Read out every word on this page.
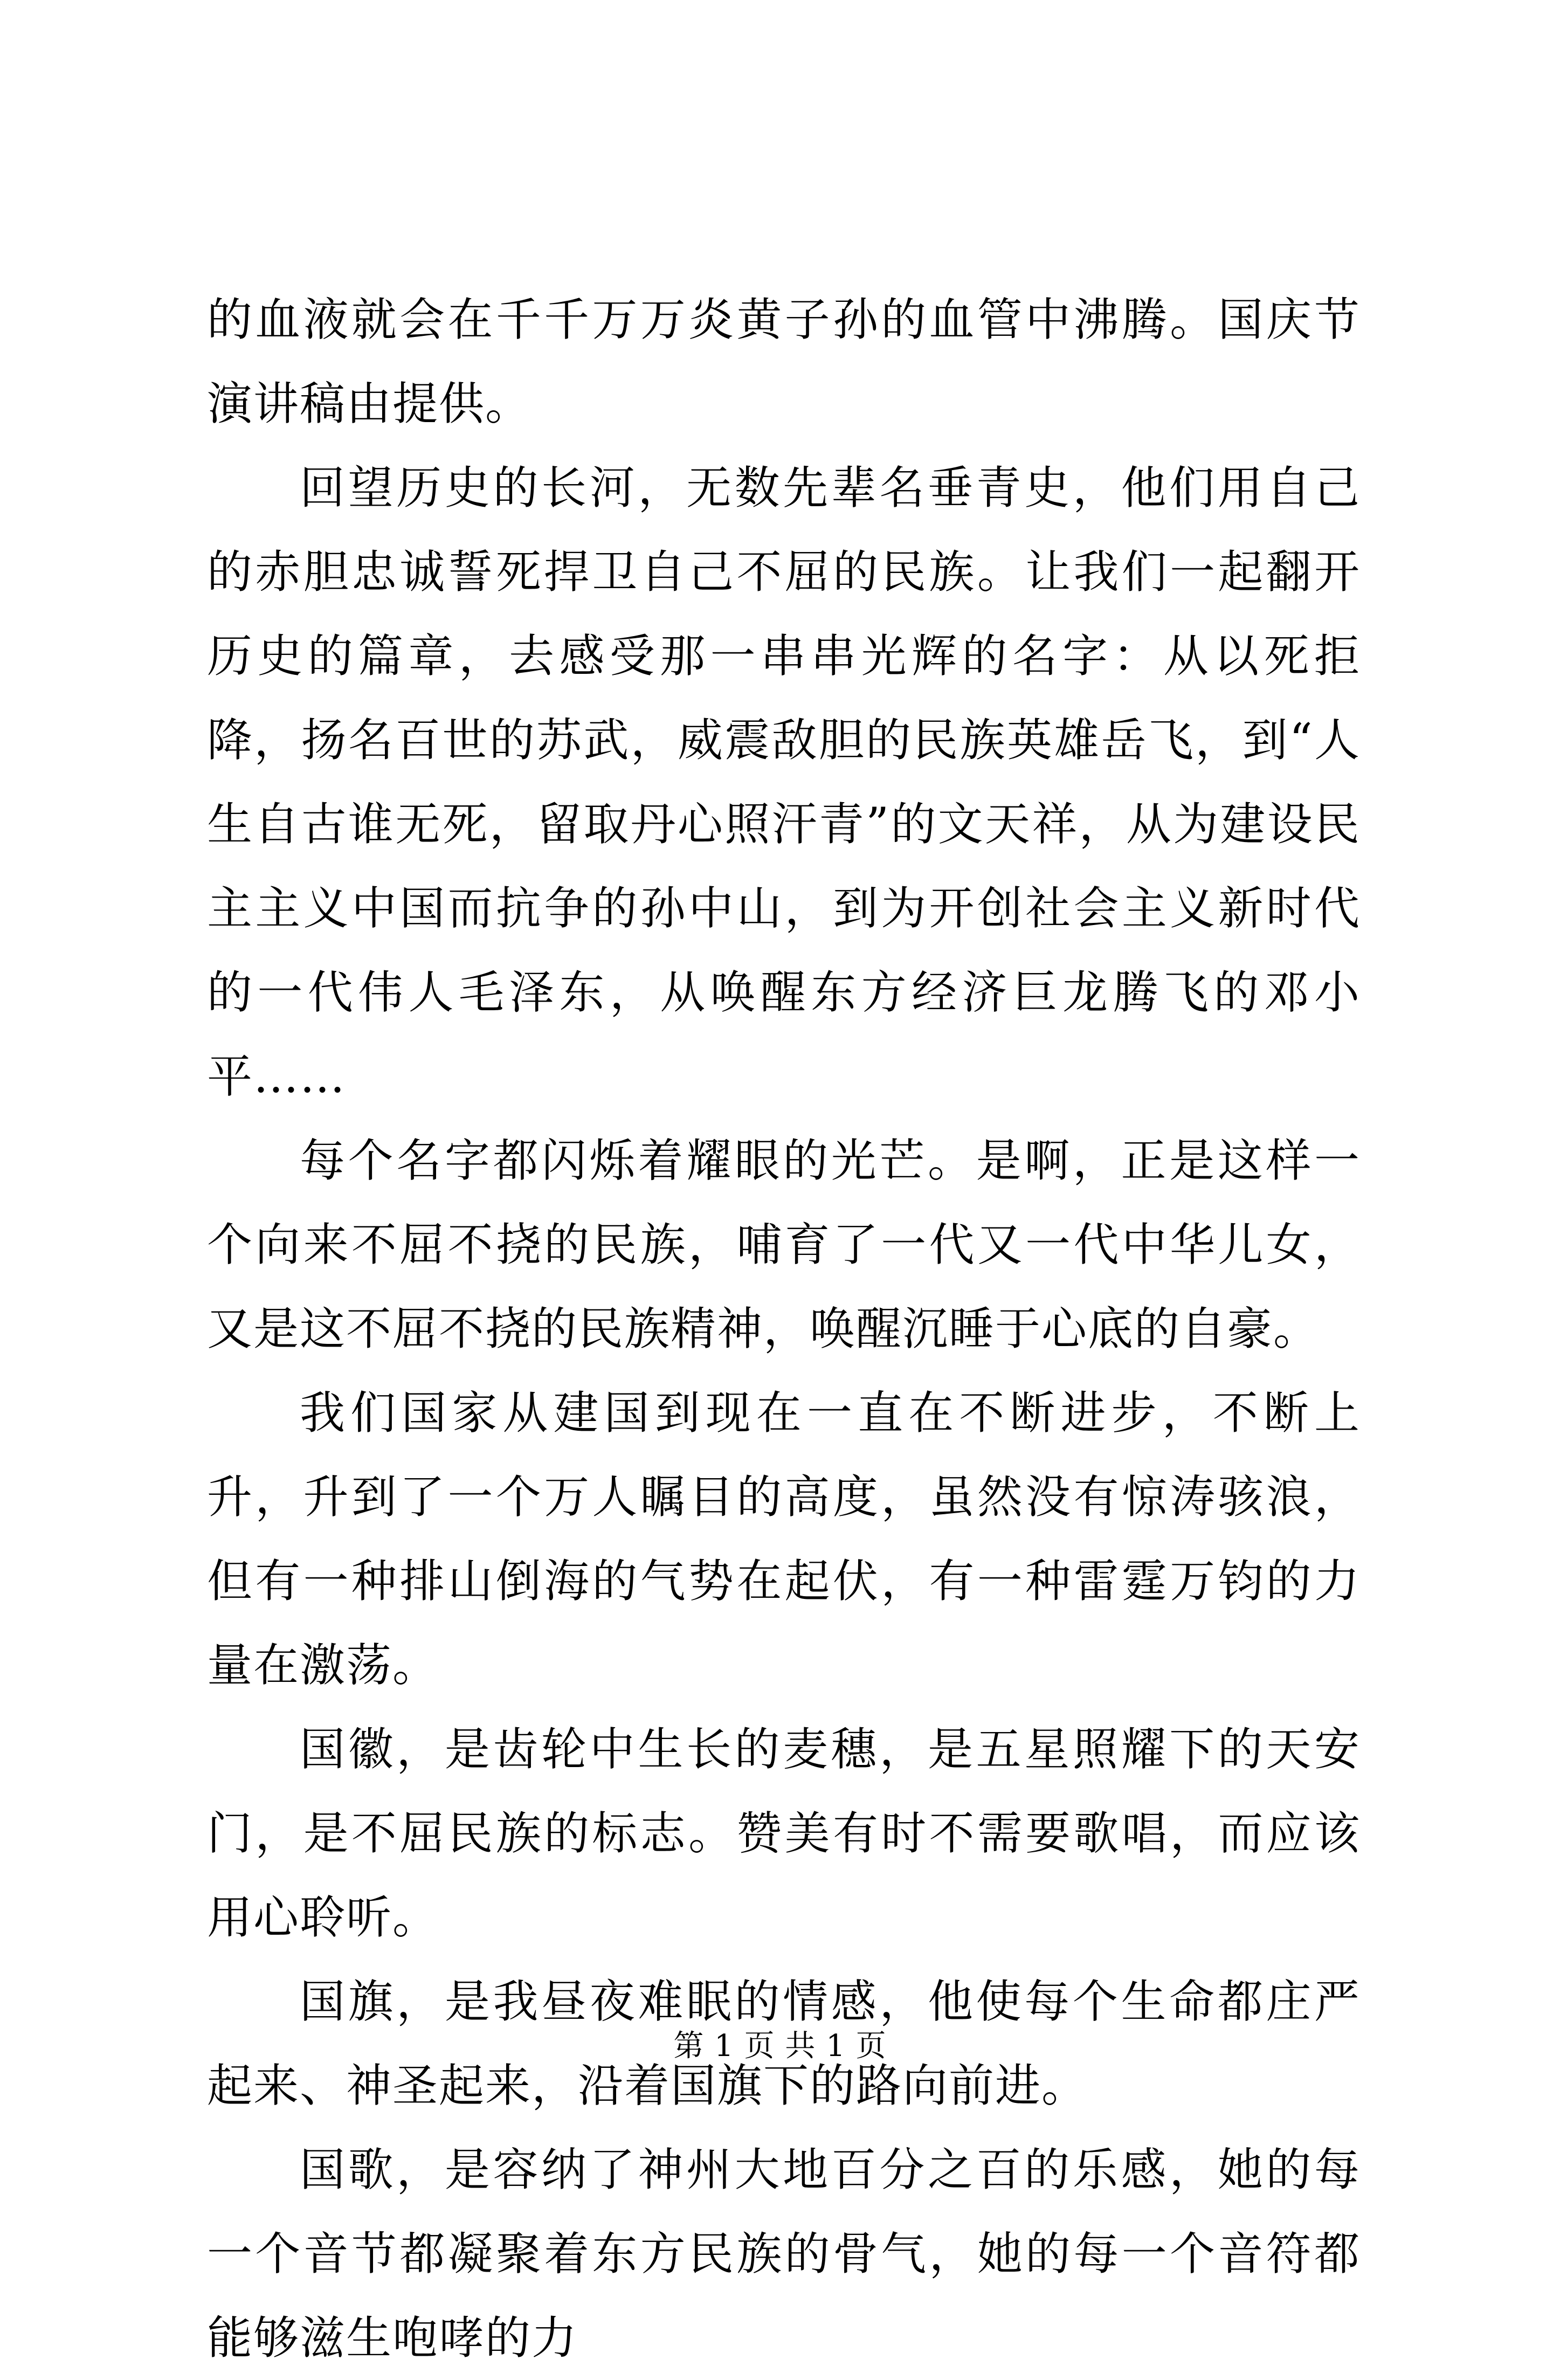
的血液就会在千千万万炎黄子孙的血管中沸腾。国庆节演讲稿由提供。

回望历史的长河，无数先辈名垂青史，他们用自己的赤胆忠诚誓死捍卫自己不屈的民族。让我们一起翻开历史的篇章，去感受那一串串光辉的名字：从以死拒降，扬名百世的苏武，威震敌胆的民族英雄岳飞，到“人生自古谁无死，留取丹心照汗青”的文天祥，从为建设民主主义中国而抗争的孙中山，到为开创社会主义新时代的一代伟人毛泽东，从唤醒东方经济巨龙腾飞的邓小平……

每个名字都闪烁着耀眼的光芒。是啊，正是这样一个向来不屈不挠的民族，哺育了一代又一代中华儿女，又是这不屈不挠的民族精神，唤醒沉睡于心底的自豪。

我们国家从建国到现在一直在不断进步，不断上升，升到了一个万人瞩目的高度，虽然没有惊涛骇浪，但有一种排山倒海的气势在起伏，有一种雷霆万钧的力量在激荡。

国徽，是齿轮中生长的麦穗，是五星照耀下的天安门，是不屈民族的标志。赞美有时不需要歌唱，而应该用心聆听。

国旗，是我昼夜难眠的情感，他使每个生命都庄严起来、神圣起来，沿着国旗下的路向前进。

国歌，是容纳了神州大地百分之百的乐感，她的每一个音节都凝聚着东方民族的骨气，她的每一个音符都能够滋生咆哮的力

第 1 页 共 1 页
